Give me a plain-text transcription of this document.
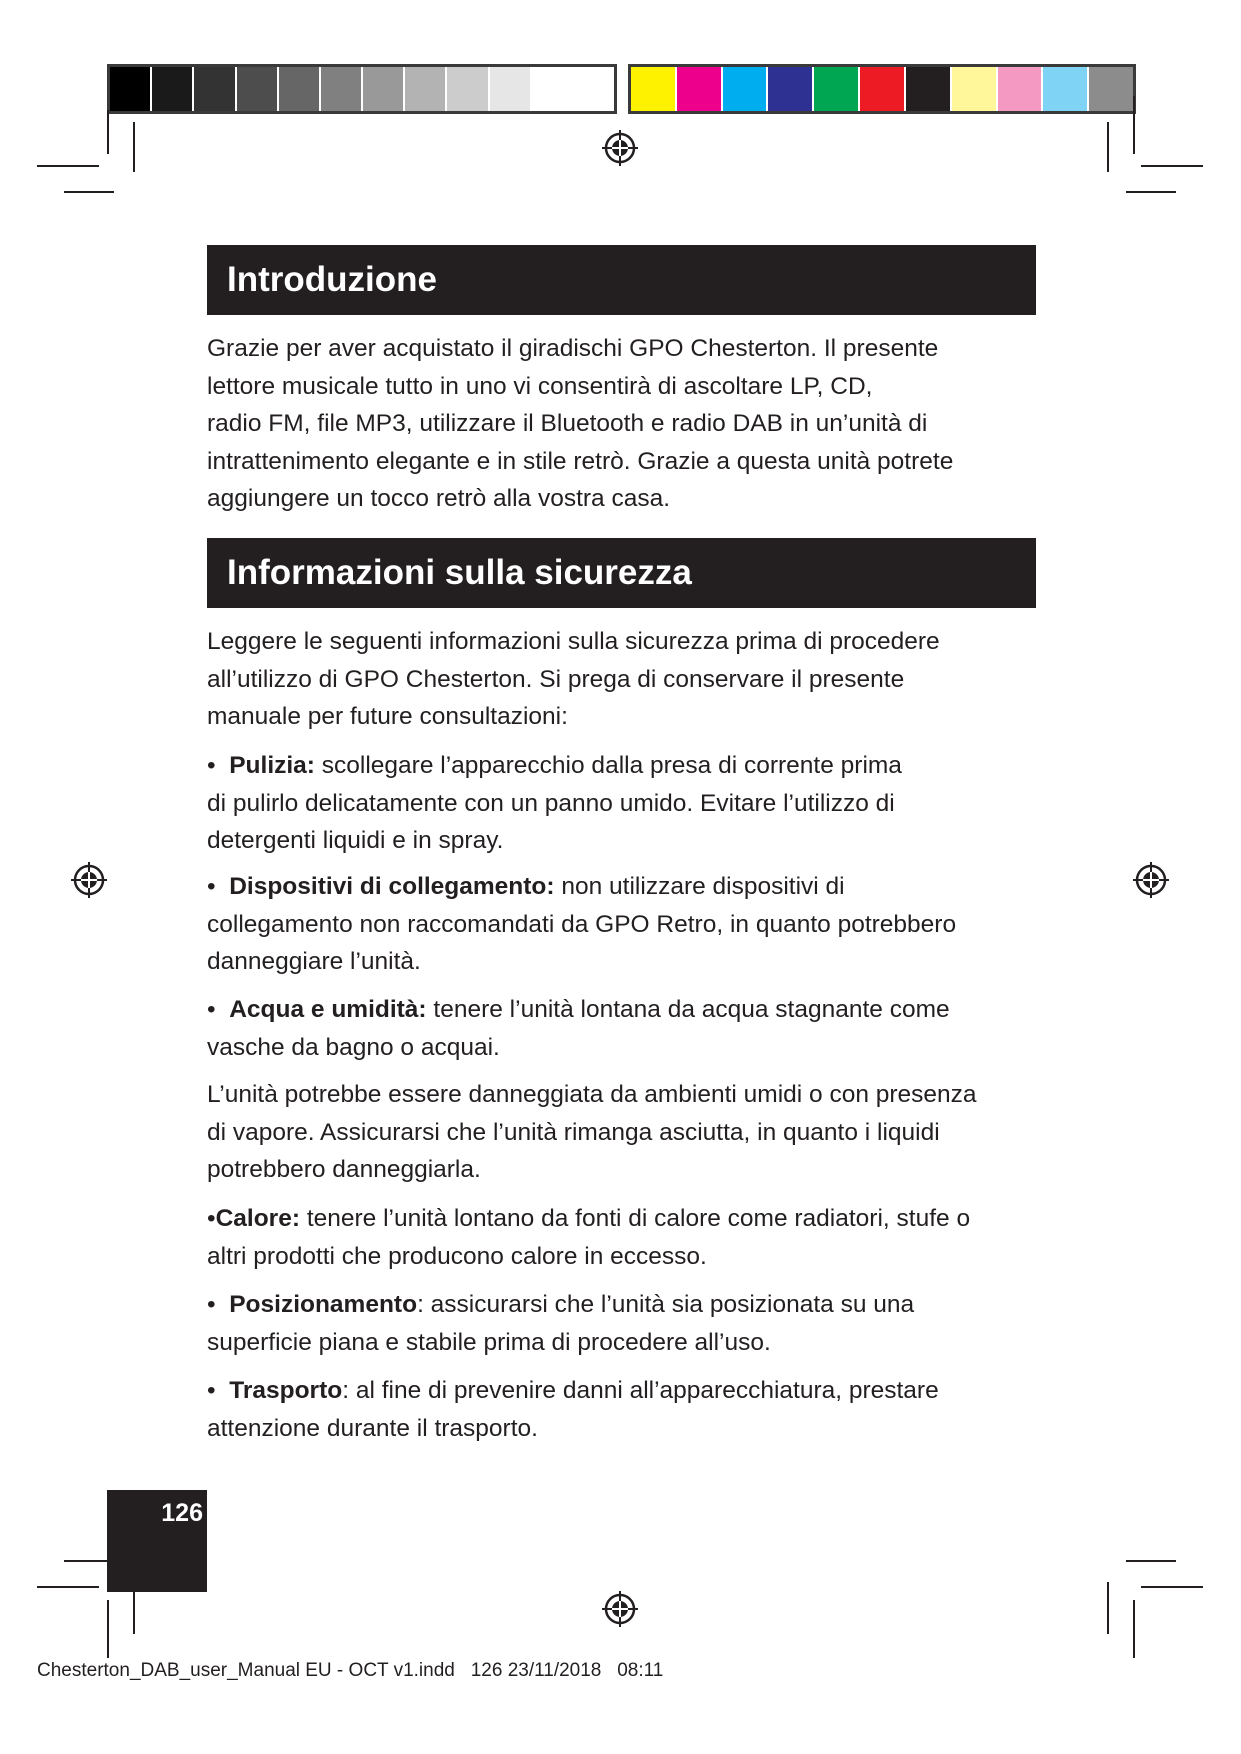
Introduzione
Grazie per aver acquistato il giradischi GPO Chesterton. Il presente
lettore musicale tutto in uno vi consentirà di ascoltare LP, CD,
radio FM, file MP3, utilizzare il Bluetooth e radio DAB in un’unità di
intrattenimento elegante e in stile retrò. Grazie a questa unità potrete
aggiungere un tocco retrò alla vostra casa.
Informazioni sulla sicurezza
Leggere le seguenti informazioni sulla sicurezza prima di procedere
all’utilizzo di GPO Chesterton. Si prega di conservare il presente
manuale per future consultazioni:
• Pulizia: scollegare l’apparecchio dalla presa di corrente prima
di pulirlo delicatamente con un panno umido. Evitare l’utilizzo di
detergenti liquidi e in spray.
• Dispositivi di collegamento: non utilizzare dispositivi di
collegamento non raccomandati da GPO Retro, in quanto potrebbero
danneggiare l’unità.
• Acqua e umidità: tenere l’unità lontana da acqua stagnante come
vasche da bagno o acquai.
L’unità potrebbe essere danneggiata da ambienti umidi o con presenza
di vapore. Assicurarsi che l’unità rimanga asciutta, in quanto i liquidi
potrebbero danneggiarla.
•Calore: tenere l’unità lontano da fonti di calore come radiatori, stufe o
altri prodotti che producono calore in eccesso.
• Posizionamento: assicurarsi che l’unità sia posizionata su una
superficie piana e stabile prima di procedere all’uso.
• Trasporto: al fine di prevenire danni all’apparecchiatura, prestare
attenzione durante il trasporto.
126
Chesterton_DAB_user_Manual EU - OCT v1.indd 126 23/11/2018 08:11
